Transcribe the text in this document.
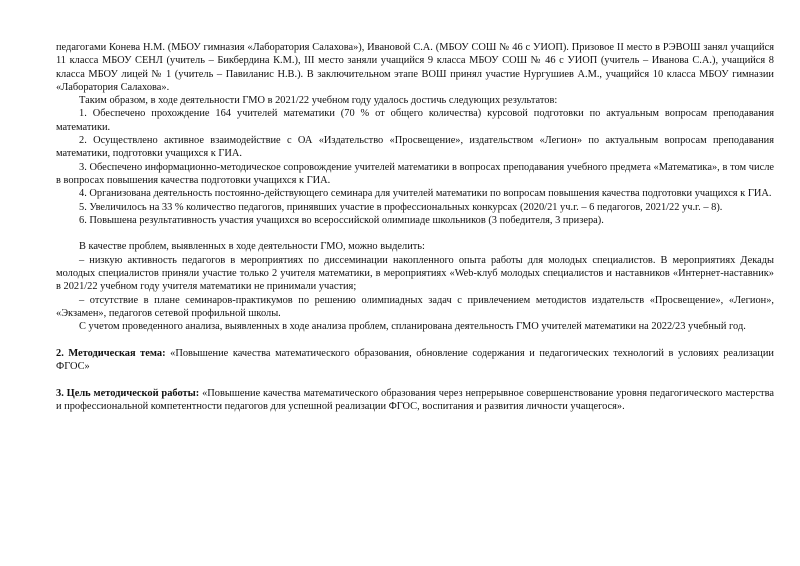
педагогами Конева Н.М. (МБОУ гимназия «Лаборатория Салахова»), Ивановой С.А. (МБОУ СОШ № 46 с УИОП). Призовое II место в РЭВОШ занял учащийся 11 класса МБОУ СЕНЛ (учитель – Бикбердина К.М.), III место заняли учащийся 9 класса МБОУ СОШ № 46 с УИОП (учитель – Иванова С.А.), учащийся 8 класса МБОУ лицей № 1 (учитель – Павиланис Н.В.). В заключительном этапе ВОШ принял участие Нургушиев А.М., учащийся 10 класса МБОУ гимназии «Лаборатория Салахова».

Таким образом, в ходе деятельности ГМО в 2021/22 учебном году удалось достичь следующих результатов:

1. Обеспечено прохождение 164 учителей математики (70 % от общего количества) курсовой подготовки по актуальным вопросам преподавания математики.

2. Осуществлено активное взаимодействие с ОА «Издательство «Просвещение», издательством «Легион» по актуальным вопросам преподавания математики, подготовки учащихся к ГИА.

3. Обеспечено информационно-методическое сопровождение учителей математики в вопросах преподавания учебного предмета «Математика», в том числе в вопросах повышения качества подготовки учащихся к ГИА.

4. Организована деятельность постоянно-действующего семинара для учителей математики по вопросам повышения качества подготовки учащихся к ГИА.

5. Увеличилось на 33 % количество педагогов, принявших участие в профессиональных конкурсах (2020/21 уч.г. – 6 педагогов, 2021/22 уч.г. – 8).

6. Повышена результативность участия учащихся во всероссийской олимпиаде школьников (3 победителя, 3 призера).

В качестве проблем, выявленных в ходе деятельности ГМО, можно выделить:

– низкую активность педагогов в мероприятиях по диссеминации накопленного опыта работы для молодых специалистов. В мероприятиях Декады молодых специалистов приняли участие только 2 учителя математики, в мероприятиях «Web-клуб молодых специалистов и наставников «Интернет-наставник» в 2021/22 учебном году учителя математики не принимали участия;

– отсутствие в плане семинаров-практикумов по решению олимпиадных задач с привлечением методистов издательств «Просвещение», «Легион», «Экзамен», педагогов сетевой профильной школы.

С учетом проведенного анализа, выявленных в ходе анализа проблем, спланирована деятельность ГМО учителей математики на 2022/23 учебный год.

2. Методическая тема: «Повышение качества математического образования, обновление содержания и педагогических технологий в условиях реализации ФГОС»

3. Цель методической работы: «Повышение качества математического образования через непрерывное совершенствование уровня педагогического мастерства и профессиональной компетентности педагогов для успешной реализации ФГОС, воспитания и развития личности учащегося».
